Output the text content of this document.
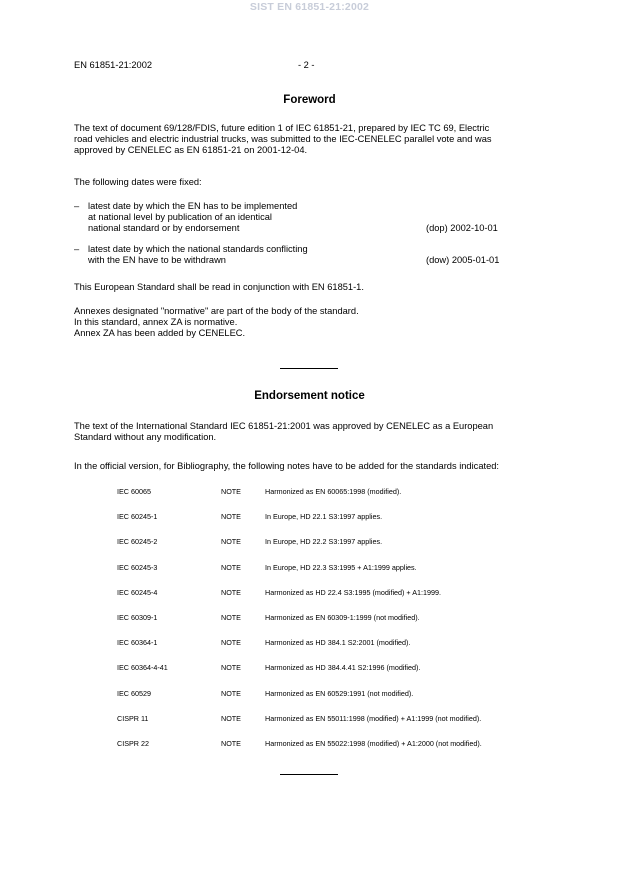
SIST EN 61851-21:2002
EN 61851-21:2002	- 2 -
Foreword
The text of document 69/128/FDIS, future edition 1 of IEC 61851-21, prepared by IEC TC 69, Electric
road vehicles and electric industrial trucks, was submitted to the IEC-CENELEC parallel vote and was
approved by CENELEC as EN 61851-21 on 2001-12-04.
The following dates were fixed:
– latest date by which the EN has to be implemented
at national level by publication of an identical
national standard or by endorsement	(dop) 2002-10-01
– latest date by which the national standards conflicting
with the EN have to be withdrawn	(dow) 2005-01-01
This European Standard shall be read in conjunction with EN 61851-1.
Annexes designated "normative" are part of the body of the standard.
In this standard, annex ZA is normative.
Annex ZA has been added by CENELEC.
Endorsement notice
The text of the International Standard IEC 61851-21:2001 was approved by CENELEC as a European
Standard without any modification.
In the official version, for Bibliography, the following notes have to be added for the standards indicated:
IEC 60065	NOTE	Harmonized as EN 60065:1998 (modified).
IEC 60245-1	NOTE	In Europe, HD 22.1 S3:1997 applies.
IEC 60245-2	NOTE	In Europe, HD 22.2 S3:1997 applies.
IEC 60245-3	NOTE	In Europe, HD 22.3 S3:1995 + A1:1999 applies.
IEC 60245-4	NOTE	Harmonized as HD 22.4 S3:1995 (modified) + A1:1999.
IEC 60309-1	NOTE	Harmonized as EN 60309-1:1999 (not modified).
IEC 60364-1	NOTE	Harmonized as HD 384.1 S2:2001 (modified).
IEC 60364-4-41	NOTE	Harmonized as HD 384.4.41 S2:1996 (modified).
IEC 60529	NOTE	Harmonized as EN 60529:1991 (not modified).
CISPR 11	NOTE	Harmonized as EN 55011:1998 (modified) + A1:1999 (not modified).
CISPR 22	NOTE	Harmonized as EN 55022:1998 (modified) + A1:2000 (not modified).
